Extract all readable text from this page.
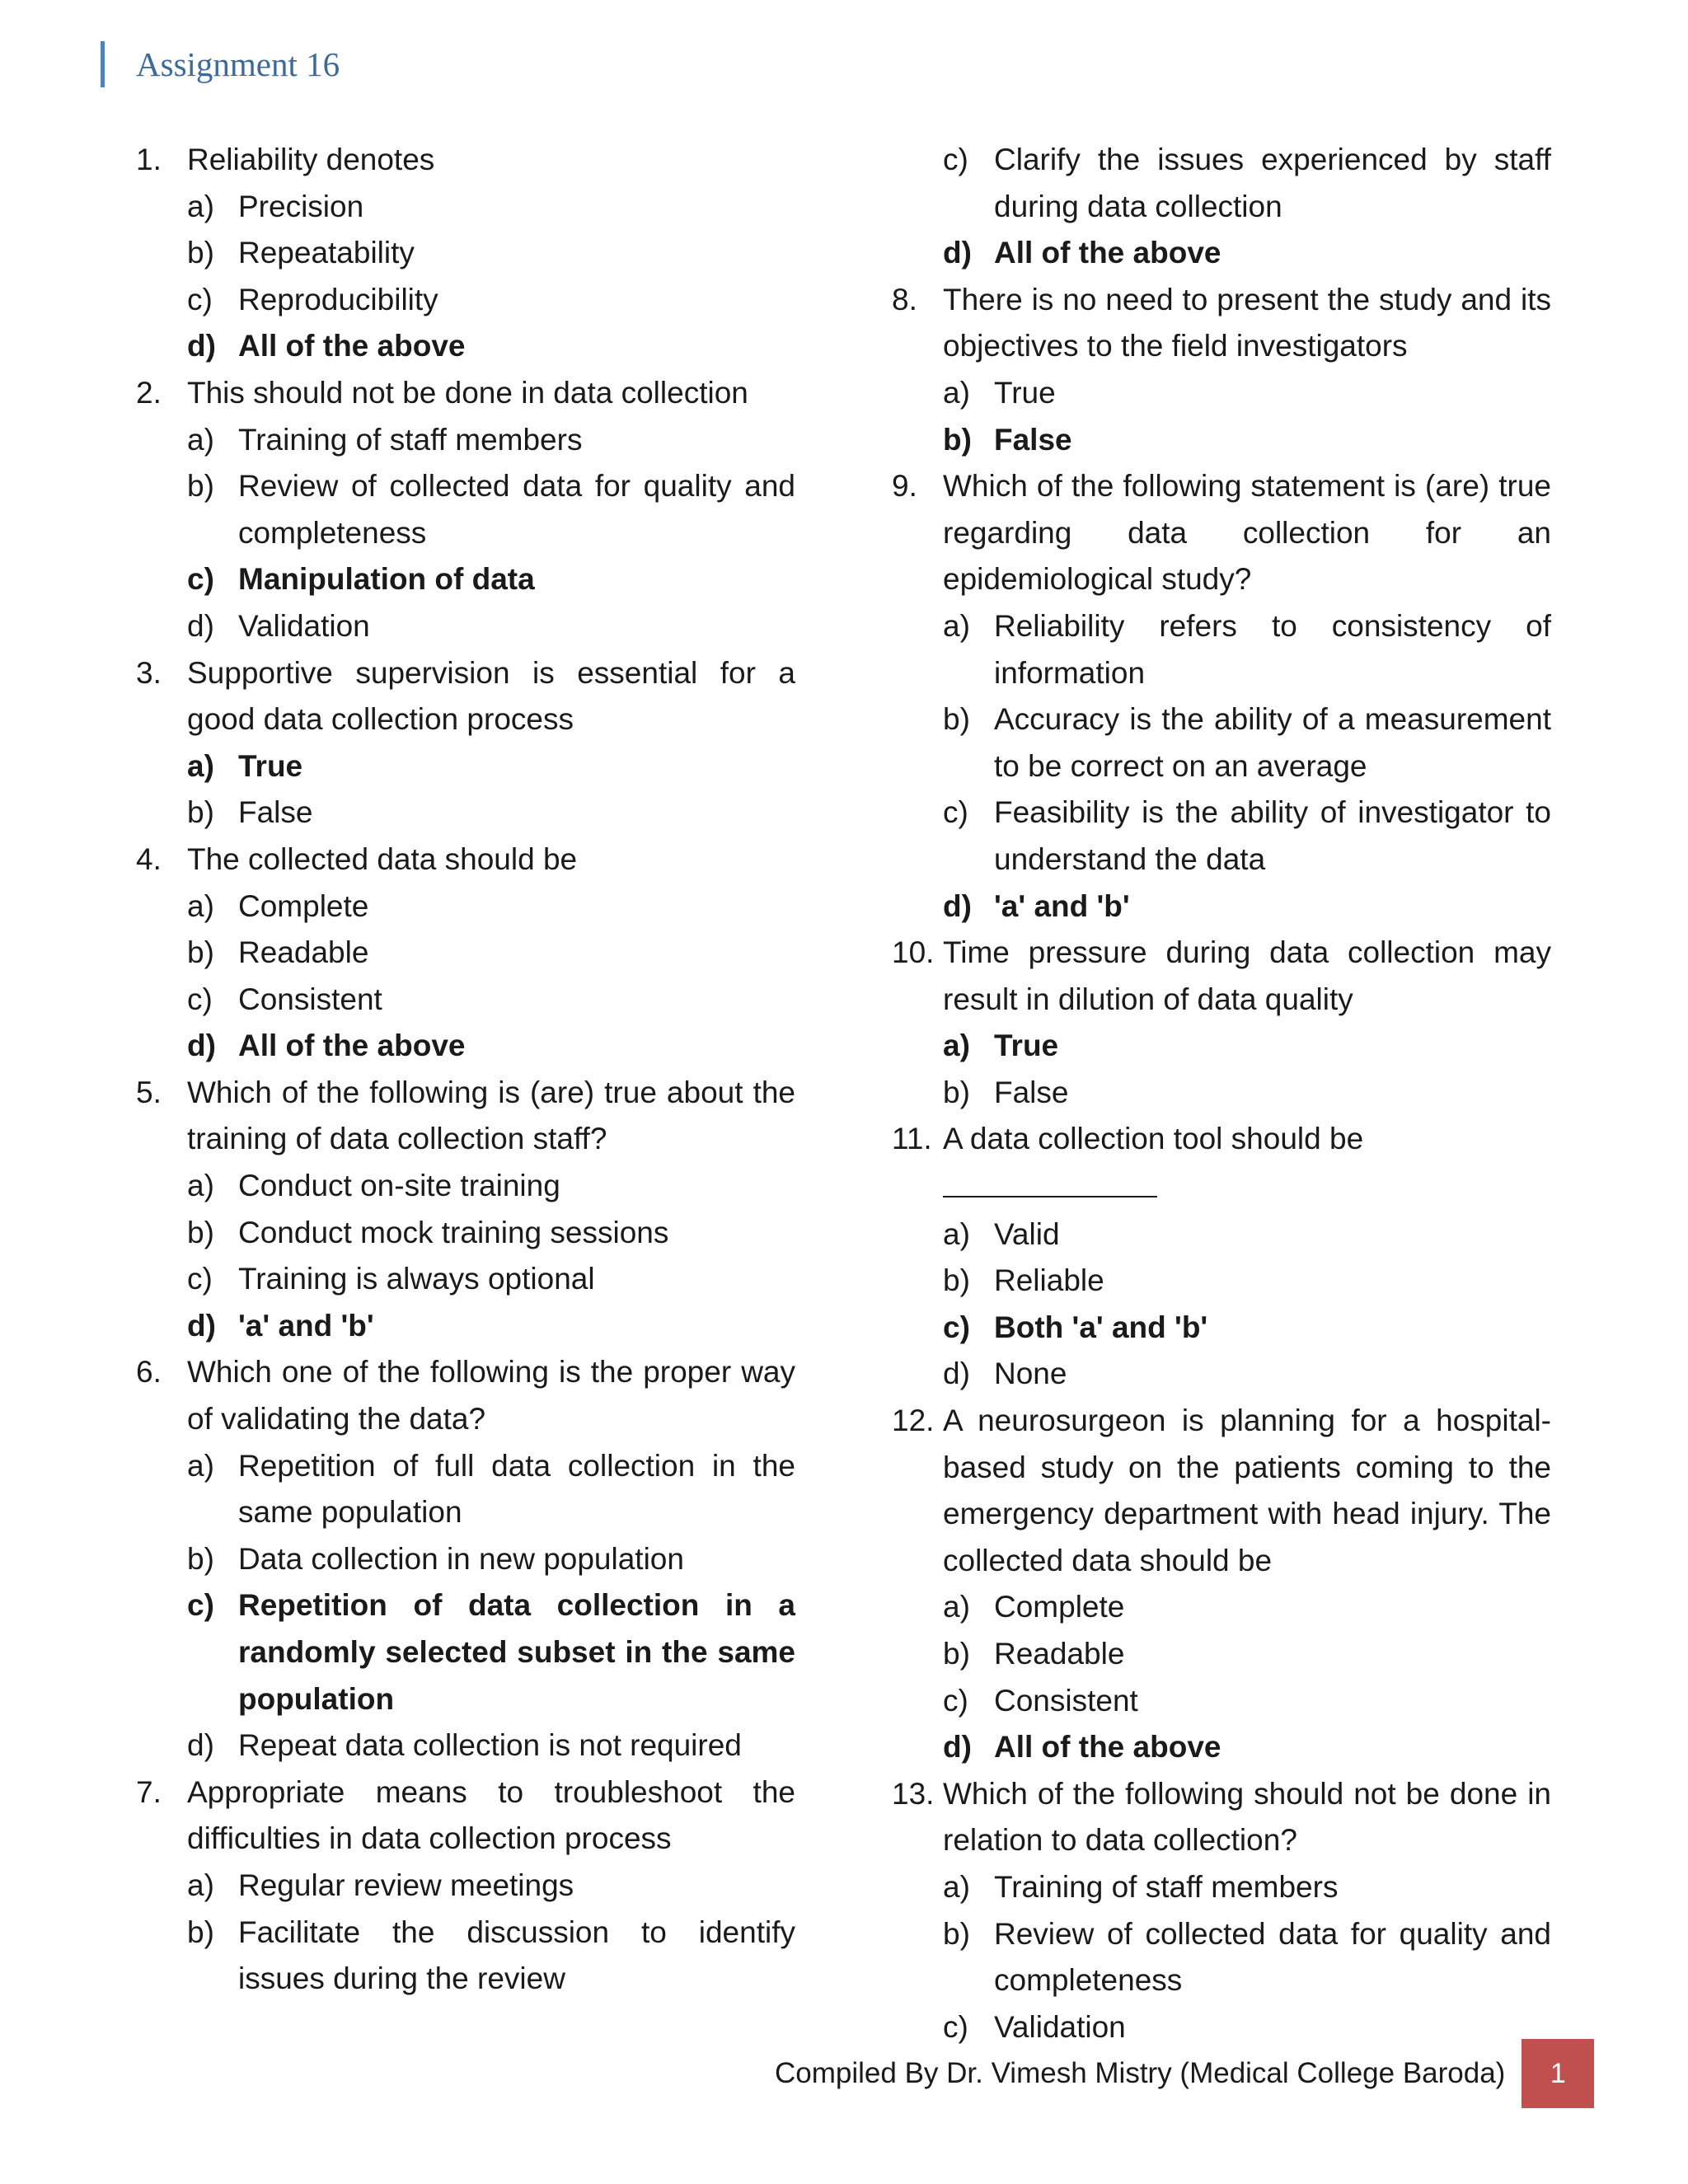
Assignment 16
1. Reliability denotes
a) Precision
b) Repeatability
c) Reproducibility
d) All of the above
2. This should not be done in data collection
a) Training of staff members
b) Review of collected data for quality and completeness
c) Manipulation of data
d) Validation
3. Supportive supervision is essential for a good data collection process
a) True
b) False
4. The collected data should be
a) Complete
b) Readable
c) Consistent
d) All of the above
5. Which of the following is (are) true about the training of data collection staff?
a) Conduct on-site training
b) Conduct mock training sessions
c) Training is always optional
d) 'a' and 'b'
6. Which one of the following is the proper way of validating the data?
a) Repetition of full data collection in the same population
b) Data collection in new population
c) Repetition of data collection in a randomly selected subset in the same population
d) Repeat data collection is not required
7. Appropriate means to troubleshoot the difficulties in data collection process
a) Regular review meetings
b) Facilitate the discussion to identify issues during the review
c) Clarify the issues experienced by staff during data collection
d) All of the above
8. There is no need to present the study and its objectives to the field investigators
a) True
b) False
9. Which of the following statement is (are) true regarding data collection for an epidemiological study?
a) Reliability refers to consistency of information
b) Accuracy is the ability of a measurement to be correct on an average
c) Feasibility is the ability of investigator to understand the data
d) 'a' and 'b'
10. Time pressure during data collection may result in dilution of data quality
a) True
b) False
11. A data collection tool should be

a) Valid
b) Reliable
c) Both 'a' and 'b'
d) None
12. A neurosurgeon is planning for a hospital-based study on the patients coming to the emergency department with head injury. The collected data should be
a) Complete
b) Readable
c) Consistent
d) All of the above
13. Which of the following should not be done in relation to data collection?
a) Training of staff members
b) Review of collected data for quality and completeness
c) Validation
Compiled By Dr. Vimesh Mistry (Medical College Baroda) 1
